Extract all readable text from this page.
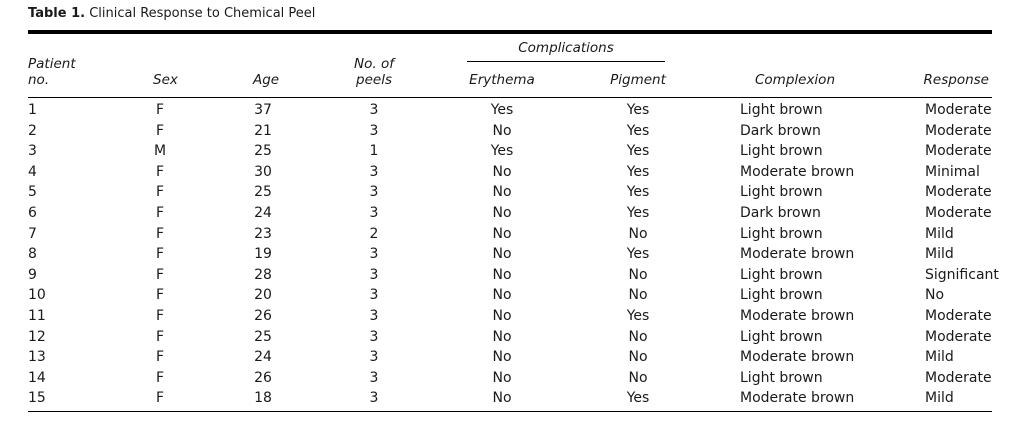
Table 1. Clinical Response to Chemical Peel
Complications
Patient
no.	Sex	Age
No. of
peels	Erythema	Pigment	Complexion	Response
1	F	37	3	Yes	Yes	Light brown	Moderate
2	F	21	3	No	Yes	Dark brown	Moderate
3	M	25	1	Yes	Yes	Light brown	Moderate
4	F	30	3	No	Yes	Moderate brown	Minimal
5	F	25	3	No	Yes	Light brown	Moderate
6	F	24	3	No	Yes	Dark brown	Moderate
7	F	23	2	No	No	Light brown	Mild
8	F	19	3	No	Yes	Moderate brown	Mild
9	F	28	3	No	No	Light brown	Significant
10	F	20	3	No	No	Light brown	No
11	F	26	3	No	Yes	Moderate brown	Moderate
12	F	25	3	No	No	Light brown	Moderate
13	F	24	3	No	No	Moderate brown	Mild
14	F	26	3	No	No	Light brown	Moderate
15	F	18	3	No	Yes	Moderate brown	Mild
